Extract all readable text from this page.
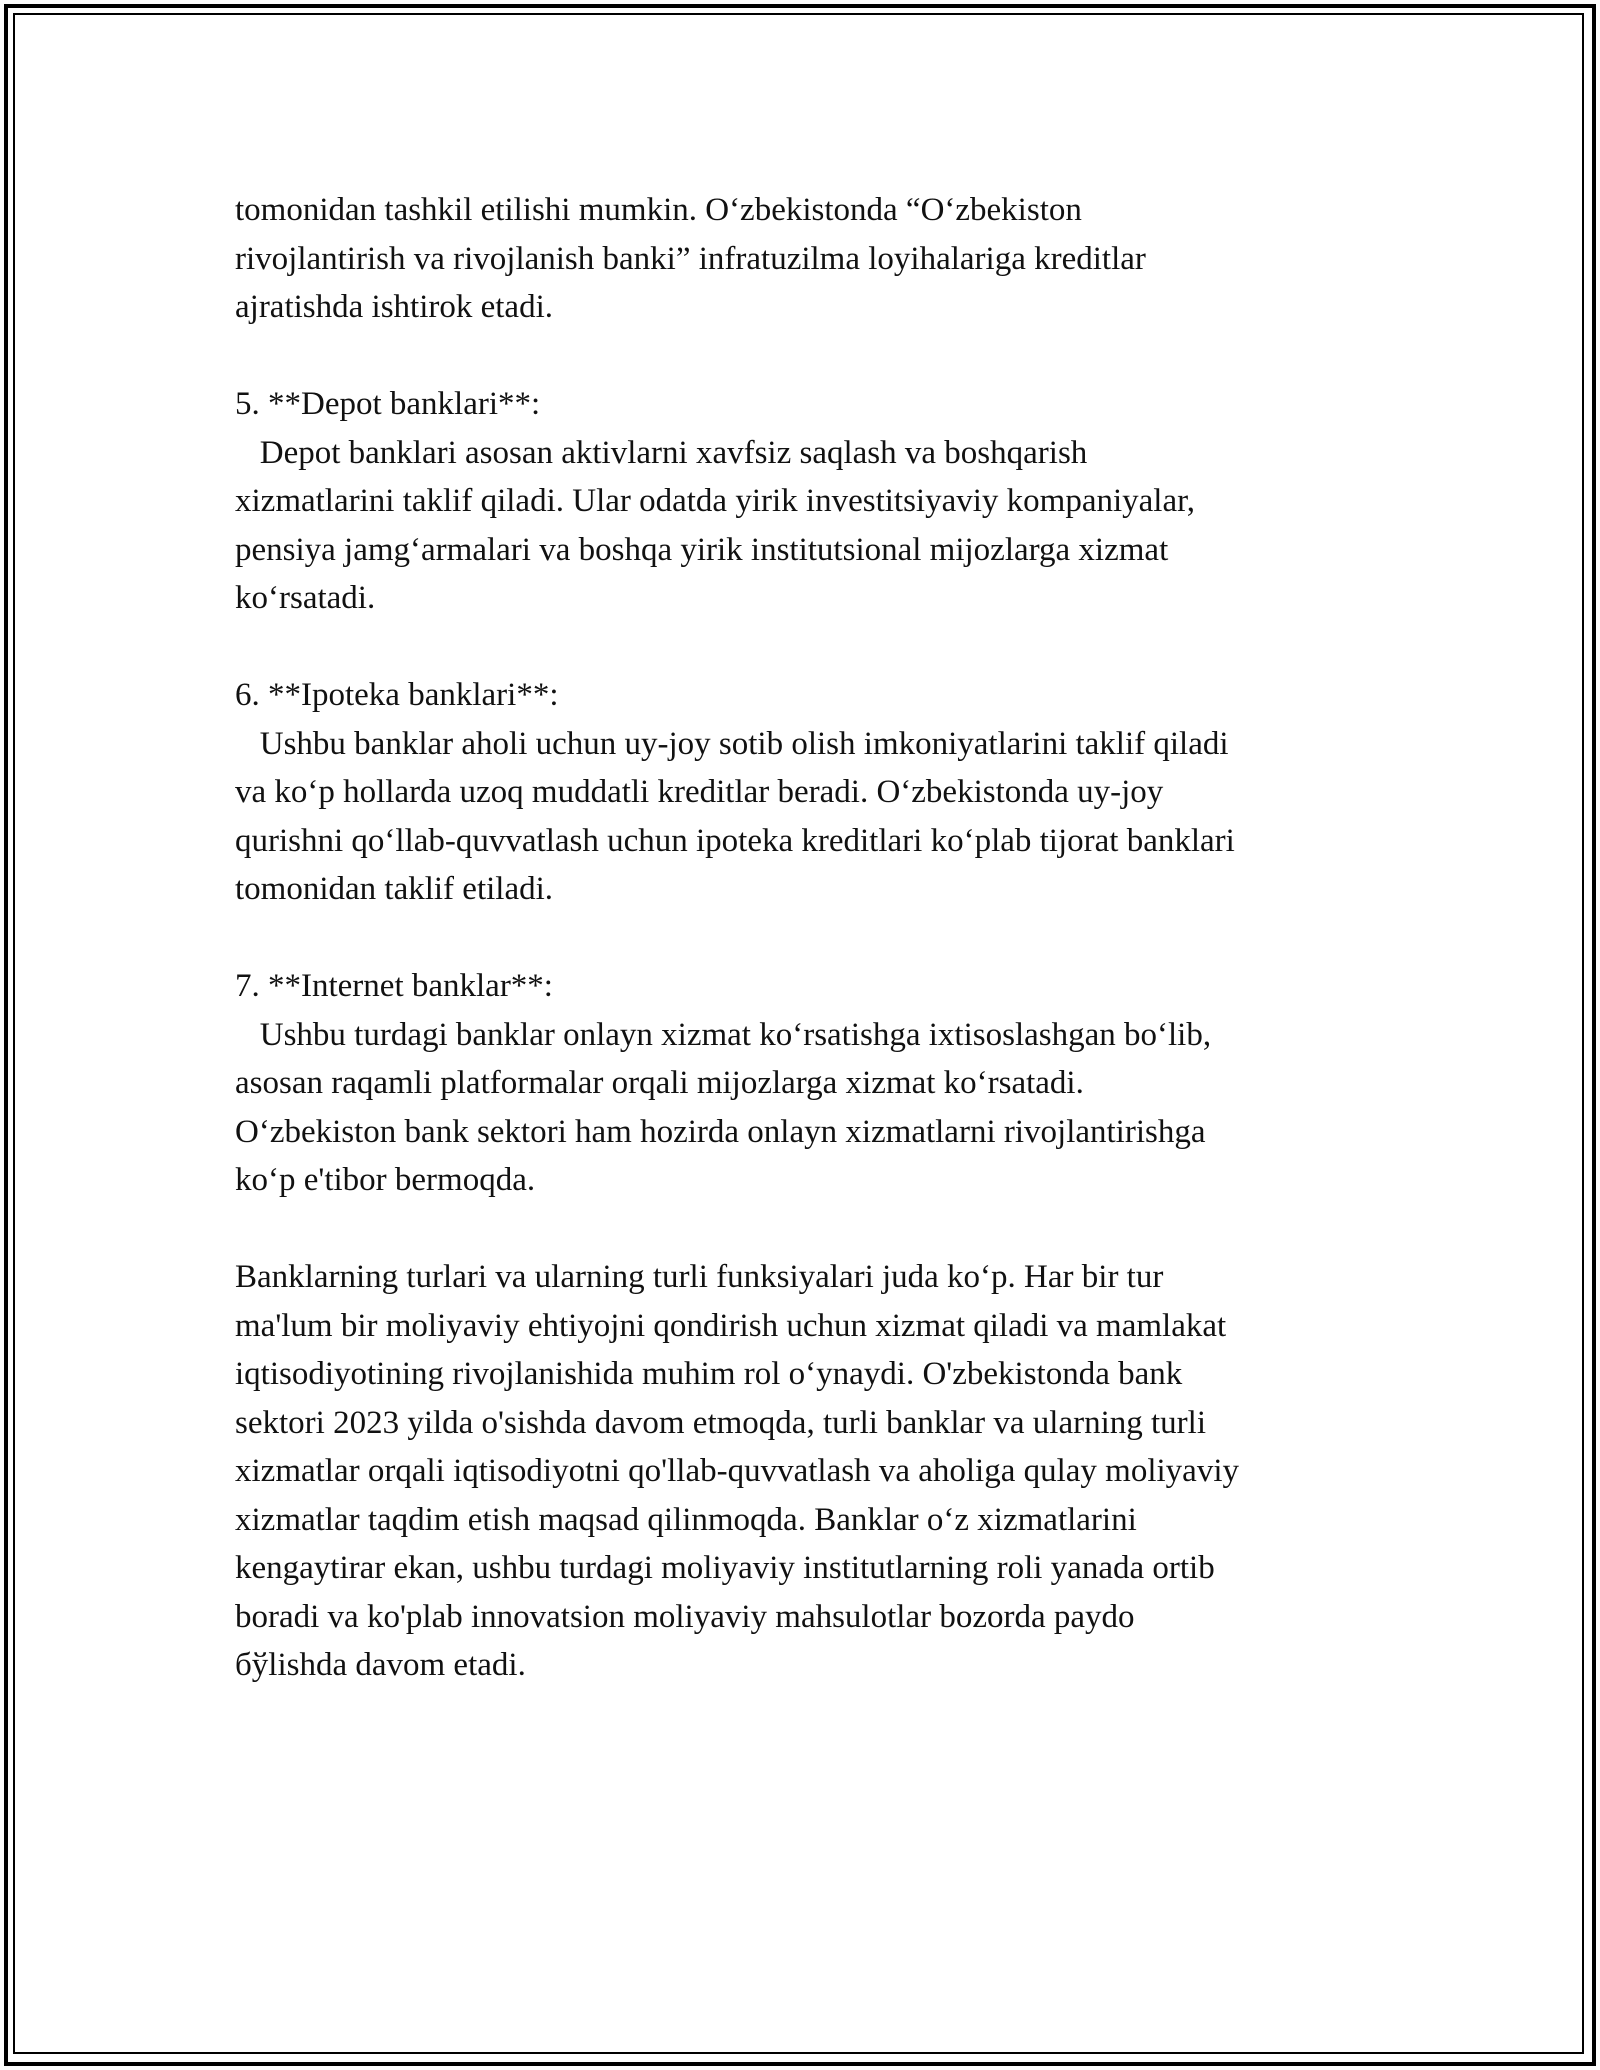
tomonidan tashkil etilishi mumkin. O‘zbekistonda “O‘zbekiston
rivojlantirish va rivojlanish banki” infratuzilma loyihalariga kreditlar
ajratishda ishtirok etadi.
5. **Depot banklari**:
Depot banklari asosan aktivlarni xavfsiz saqlash va boshqarish
xizmatlarini taklif qiladi. Ular odatda yirik investitsiyaviy kompaniyalar,
pensiya jamg‘armalari va boshqa yirik institutsional mijozlarga xizmat
ko‘rsatadi.
6. **Ipoteka banklari**:
Ushbu banklar aholi uchun uy-joy sotib olish imkoniyatlarini taklif qiladi
va ko‘p hollarda uzoq muddatli kreditlar beradi. O‘zbekistonda uy-joy
qurishni qo‘llab-quvvatlash uchun ipoteka kreditlari ko‘plab tijorat banklari
tomonidan taklif etiladi.
7. **Internet banklar**:
Ushbu turdagi banklar onlayn xizmat ko‘rsatishga ixtisoslashgan bo‘lib,
asosan raqamli platformalar orqali mijozlarga xizmat ko‘rsatadi.
O‘zbekiston bank sektori ham hozirda onlayn xizmatlarni rivojlantirishga
ko‘p e'tibor bermoqda.
Banklarning turlari va ularning turli funksiyalari juda ko‘p. Har bir tur
ma'lum bir moliyaviy ehtiyojni qondirish uchun xizmat qiladi va mamlakat
iqtisodiyotining rivojlanishida muhim rol o‘ynaydi. O'zbekistonda bank
sektori 2023 yilda o'sishda davom etmoqda, turli banklar va ularning turli
xizmatlar orqali iqtisodiyotni qo'llab-quvvatlash va aholiga qulay moliyaviy
xizmatlar taqdim etish maqsad qilinmoqda. Banklar o‘z xizmatlarini
kengaytirar ekan, ushbu turdagi moliyaviy institutlarning roli yanada ortib
boradi va ko'plab innovatsion moliyaviy mahsulotlar bozorda paydo
бўlishda davom etadi.
